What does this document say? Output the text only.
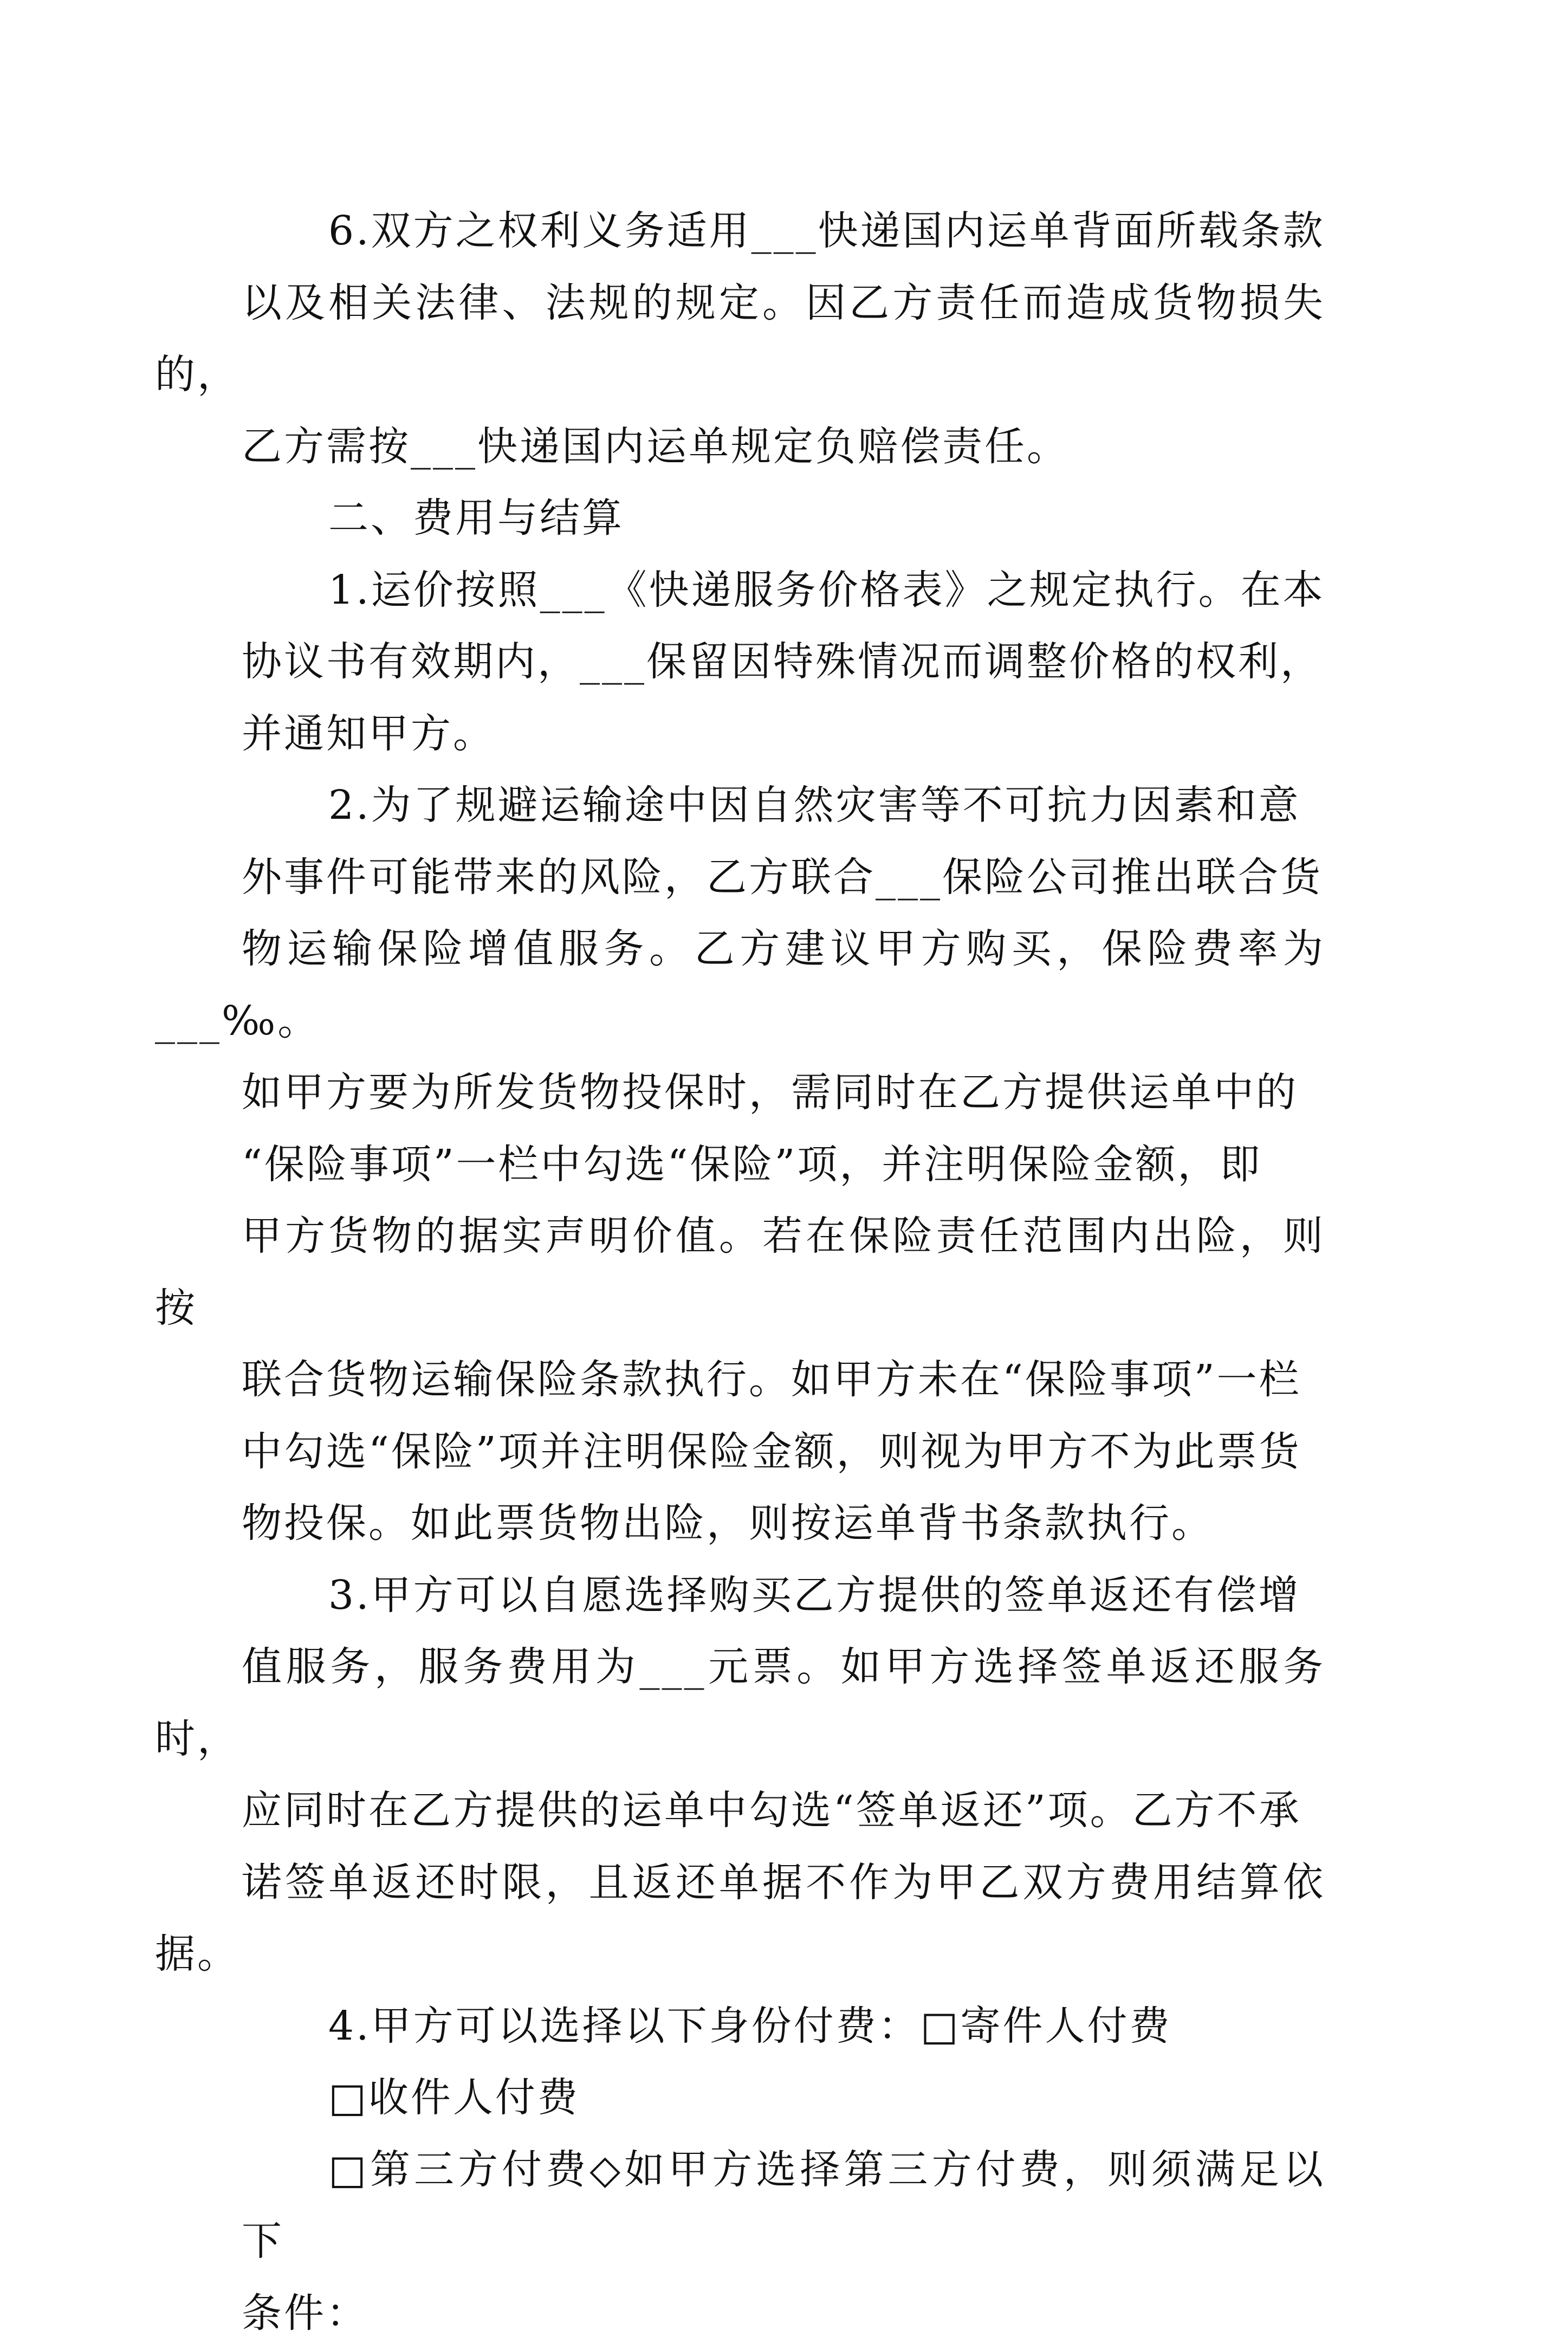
6.双方之权利义务适用___快递国内运单背面所载条款
以及相关法律、法规的规定。因乙方责任而造成货物损失的，
乙方需按___快递国内运单规定负赔偿责任。

二、费用与结算

1.运价按照___《快递服务价格表》之规定执行。在本
协议书有效期内，___保留因特殊情况而调整价格的权利，
并通知甲方。

2.为了规避运输途中因自然灾害等不可抗力因素和意
外事件可能带来的风险，乙方联合___保险公司推出联合货
物运输保险增值服务。乙方建议甲方购买，保险费率为___‰。
如甲方要为所发货物投保时，需同时在乙方提供运单中的
“保险事项”一栏中勾选“保险”项，并注明保险金额，即
甲方货物的据实声明价值。若在保险责任范围内出险，则按
联合货物运输保险条款执行。如甲方未在“保险事项”一栏
中勾选“保险”项并注明保险金额，则视为甲方不为此票货
物投保。如此票货物出险，则按运单背书条款执行。

3.甲方可以自愿选择购买乙方提供的签单返还有偿增
值服务，服务费用为___元票。如甲方选择签单返还服务时，
应同时在乙方提供的运单中勾选“签单返还”项。乙方不承
诺签单返还时限，且返还单据不作为甲乙双方费用结算依据。

4.甲方可以选择以下身份付费：□寄件人付费

□收件人付费

□第三方付费◇如甲方选择第三方付费，则须满足以下
条件：
